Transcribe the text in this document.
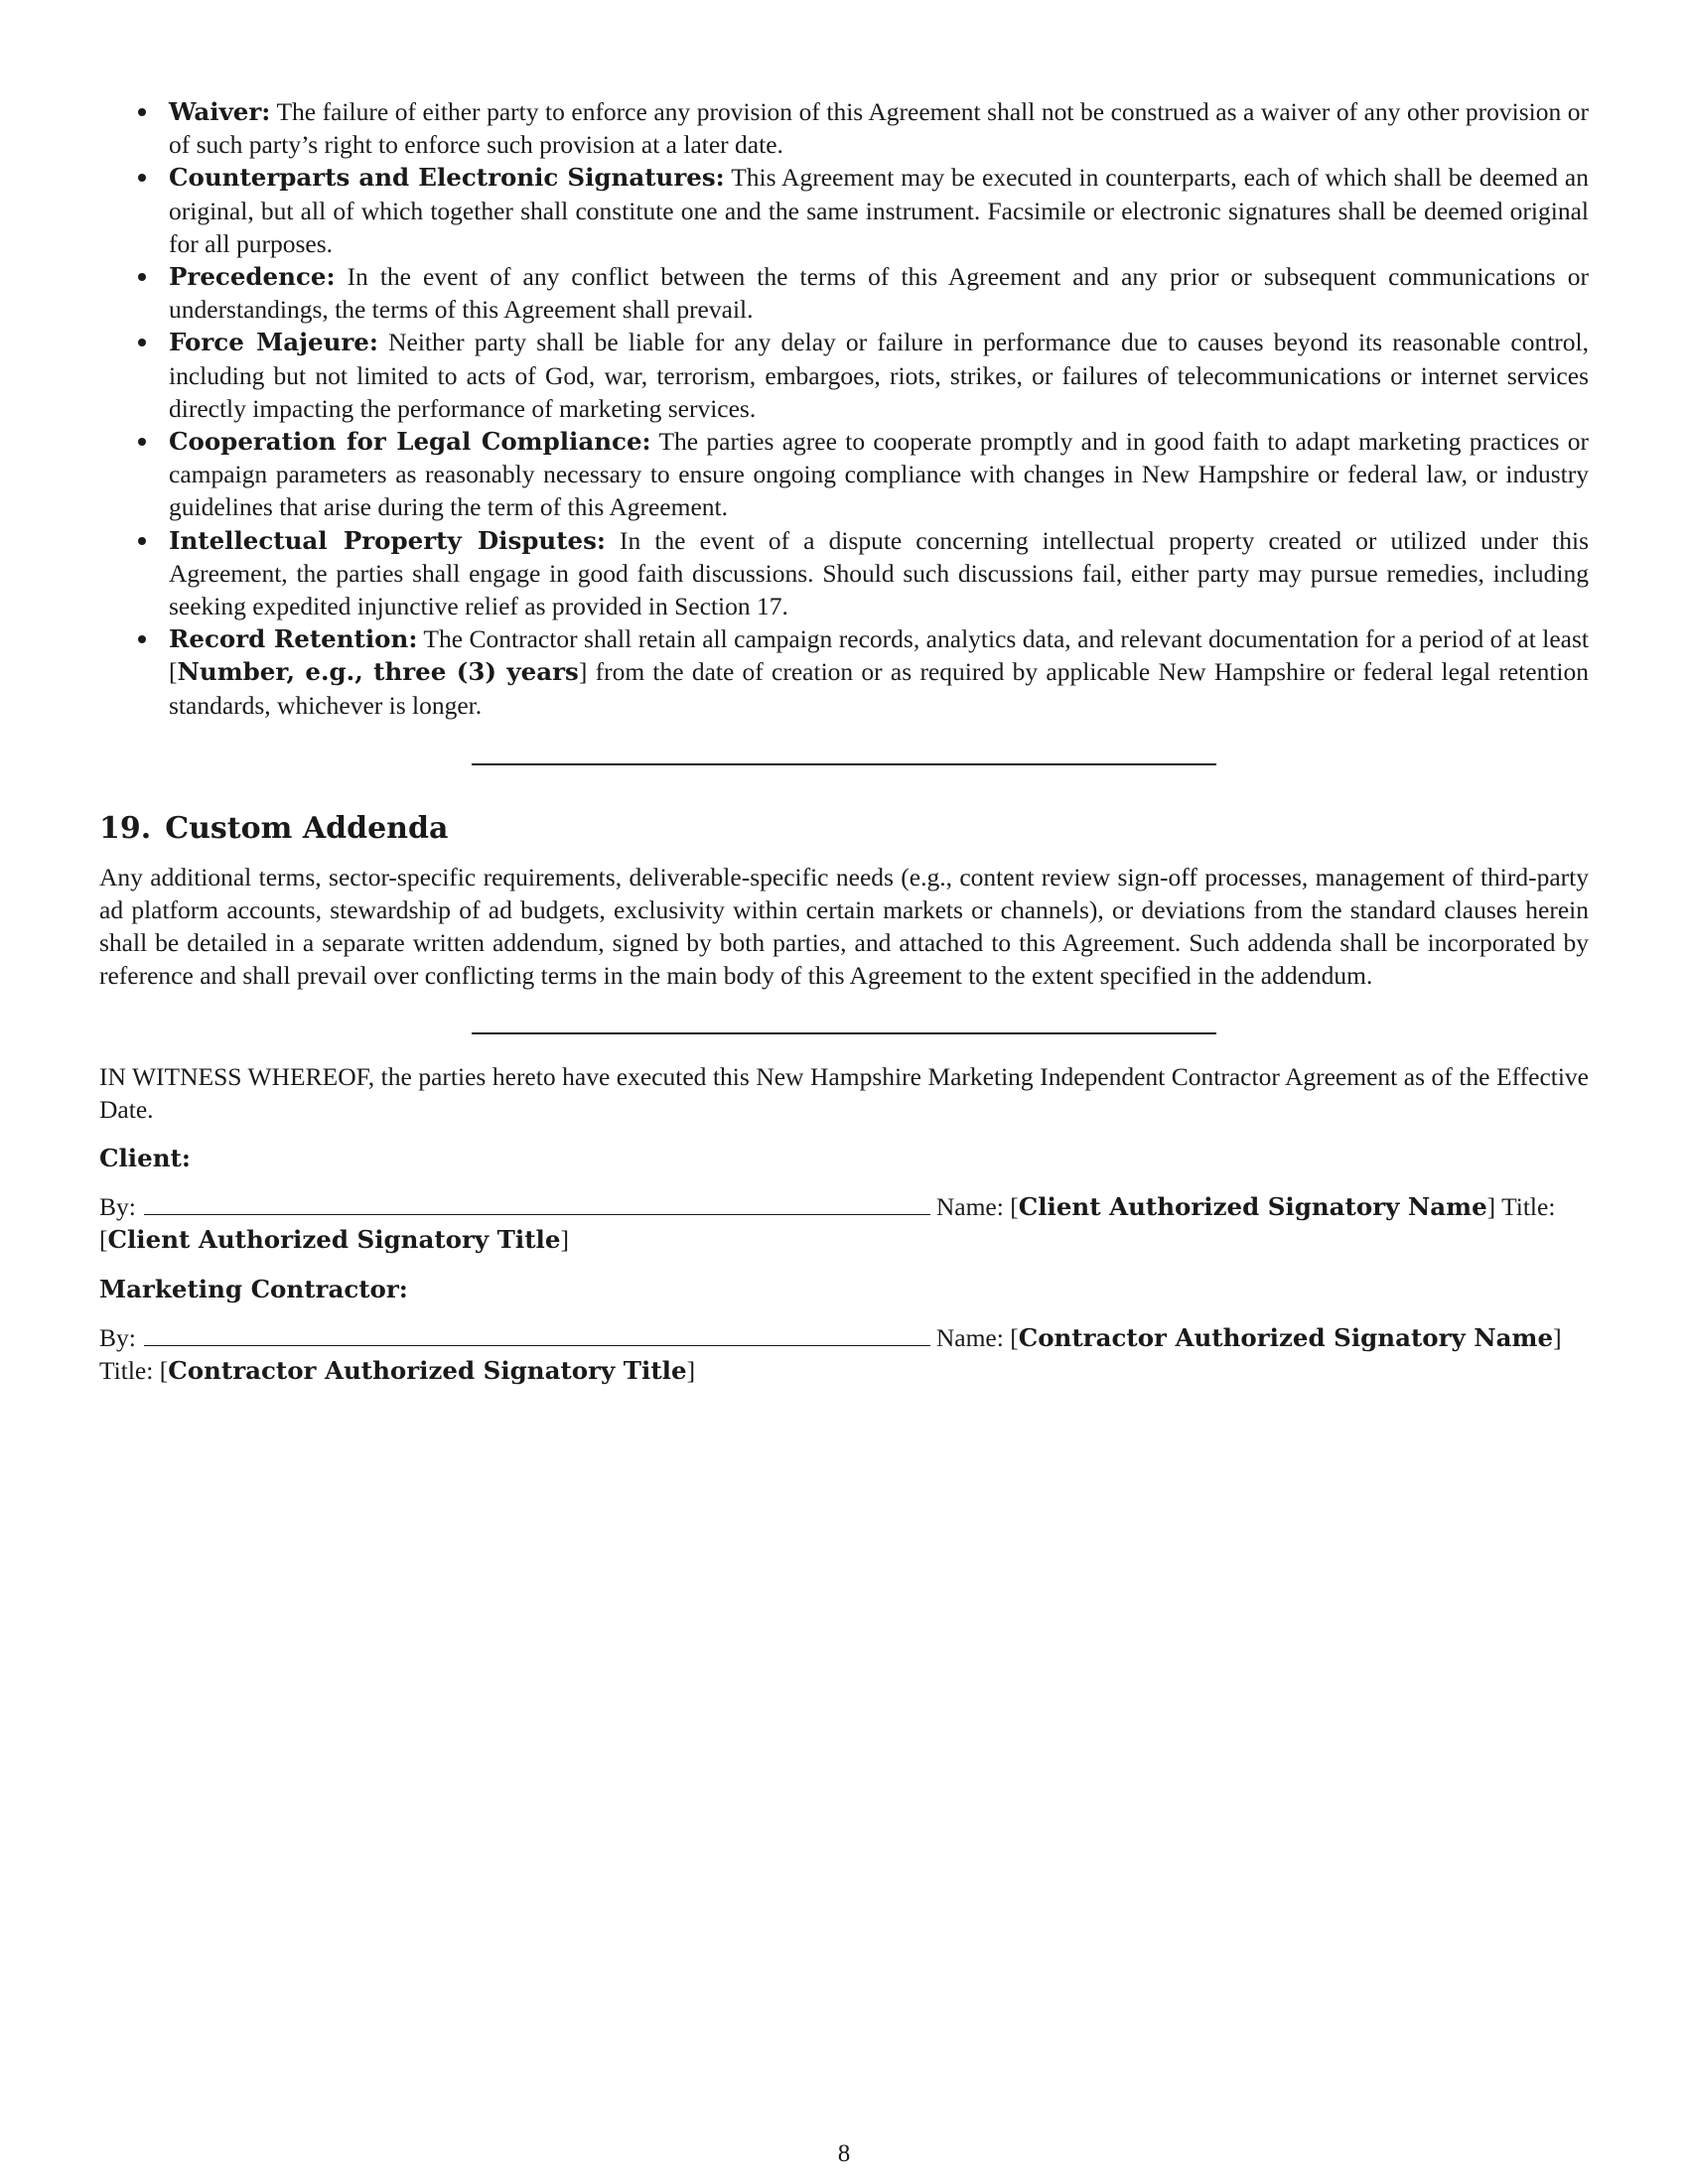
Waiver: The failure of either party to enforce any provision of this Agreement shall not be construed as a waiver of any other provision or of such party’s right to enforce such provision at a later date.
Counterparts and Electronic Signatures: This Agreement may be executed in counterparts, each of which shall be deemed an original, but all of which together shall constitute one and the same instrument. Facsimile or electronic signatures shall be deemed original for all purposes.
Precedence: In the event of any conflict between the terms of this Agreement and any prior or subsequent communications or understandings, the terms of this Agreement shall prevail.
Force Majeure: Neither party shall be liable for any delay or failure in performance due to causes beyond its reasonable control, including but not limited to acts of God, war, terrorism, embargoes, riots, strikes, or failures of telecommunications or internet services directly impacting the performance of marketing services.
Cooperation for Legal Compliance: The parties agree to cooperate promptly and in good faith to adapt marketing practices or campaign parameters as reasonably necessary to ensure ongoing compliance with changes in New Hampshire or federal law, or industry guidelines that arise during the term of this Agreement.
Intellectual Property Disputes: In the event of a dispute concerning intellectual property created or utilized under this Agreement, the parties shall engage in good faith discussions. Should such discussions fail, either party may pursue remedies, including seeking expedited injunctive relief as provided in Section 17.
Record Retention: The Contractor shall retain all campaign records, analytics data, and relevant documentation for a period of at least [Number, e.g., three (3) years] from the date of creation or as required by applicable New Hampshire or federal legal retention standards, whichever is longer.
19. Custom Addenda

Any additional terms, sector-specific requirements, deliverable-specific needs (e.g., content review sign-off processes, management of third-party ad platform accounts, stewardship of ad budgets, exclusivity within certain markets or channels), or deviations from the standard clauses herein shall be detailed in a separate written addendum, signed by both parties, and attached to this Agreement. Such addenda shall be incorporated by reference and shall prevail over conflicting terms in the main body of this Agreement to the extent specified in the addendum.

IN WITNESS WHEREOF, the parties hereto have executed this New Hampshire Marketing Independent Contractor Agreement as of the Effective Date.

Client:
By:	Name: [Client Authorized Signatory Name] Title: [Client Authorized Signatory Title]
Marketing Contractor:
By:	Name: [Contractor Authorized Signatory Name] Title: [Contractor Authorized Signatory Title]
8
